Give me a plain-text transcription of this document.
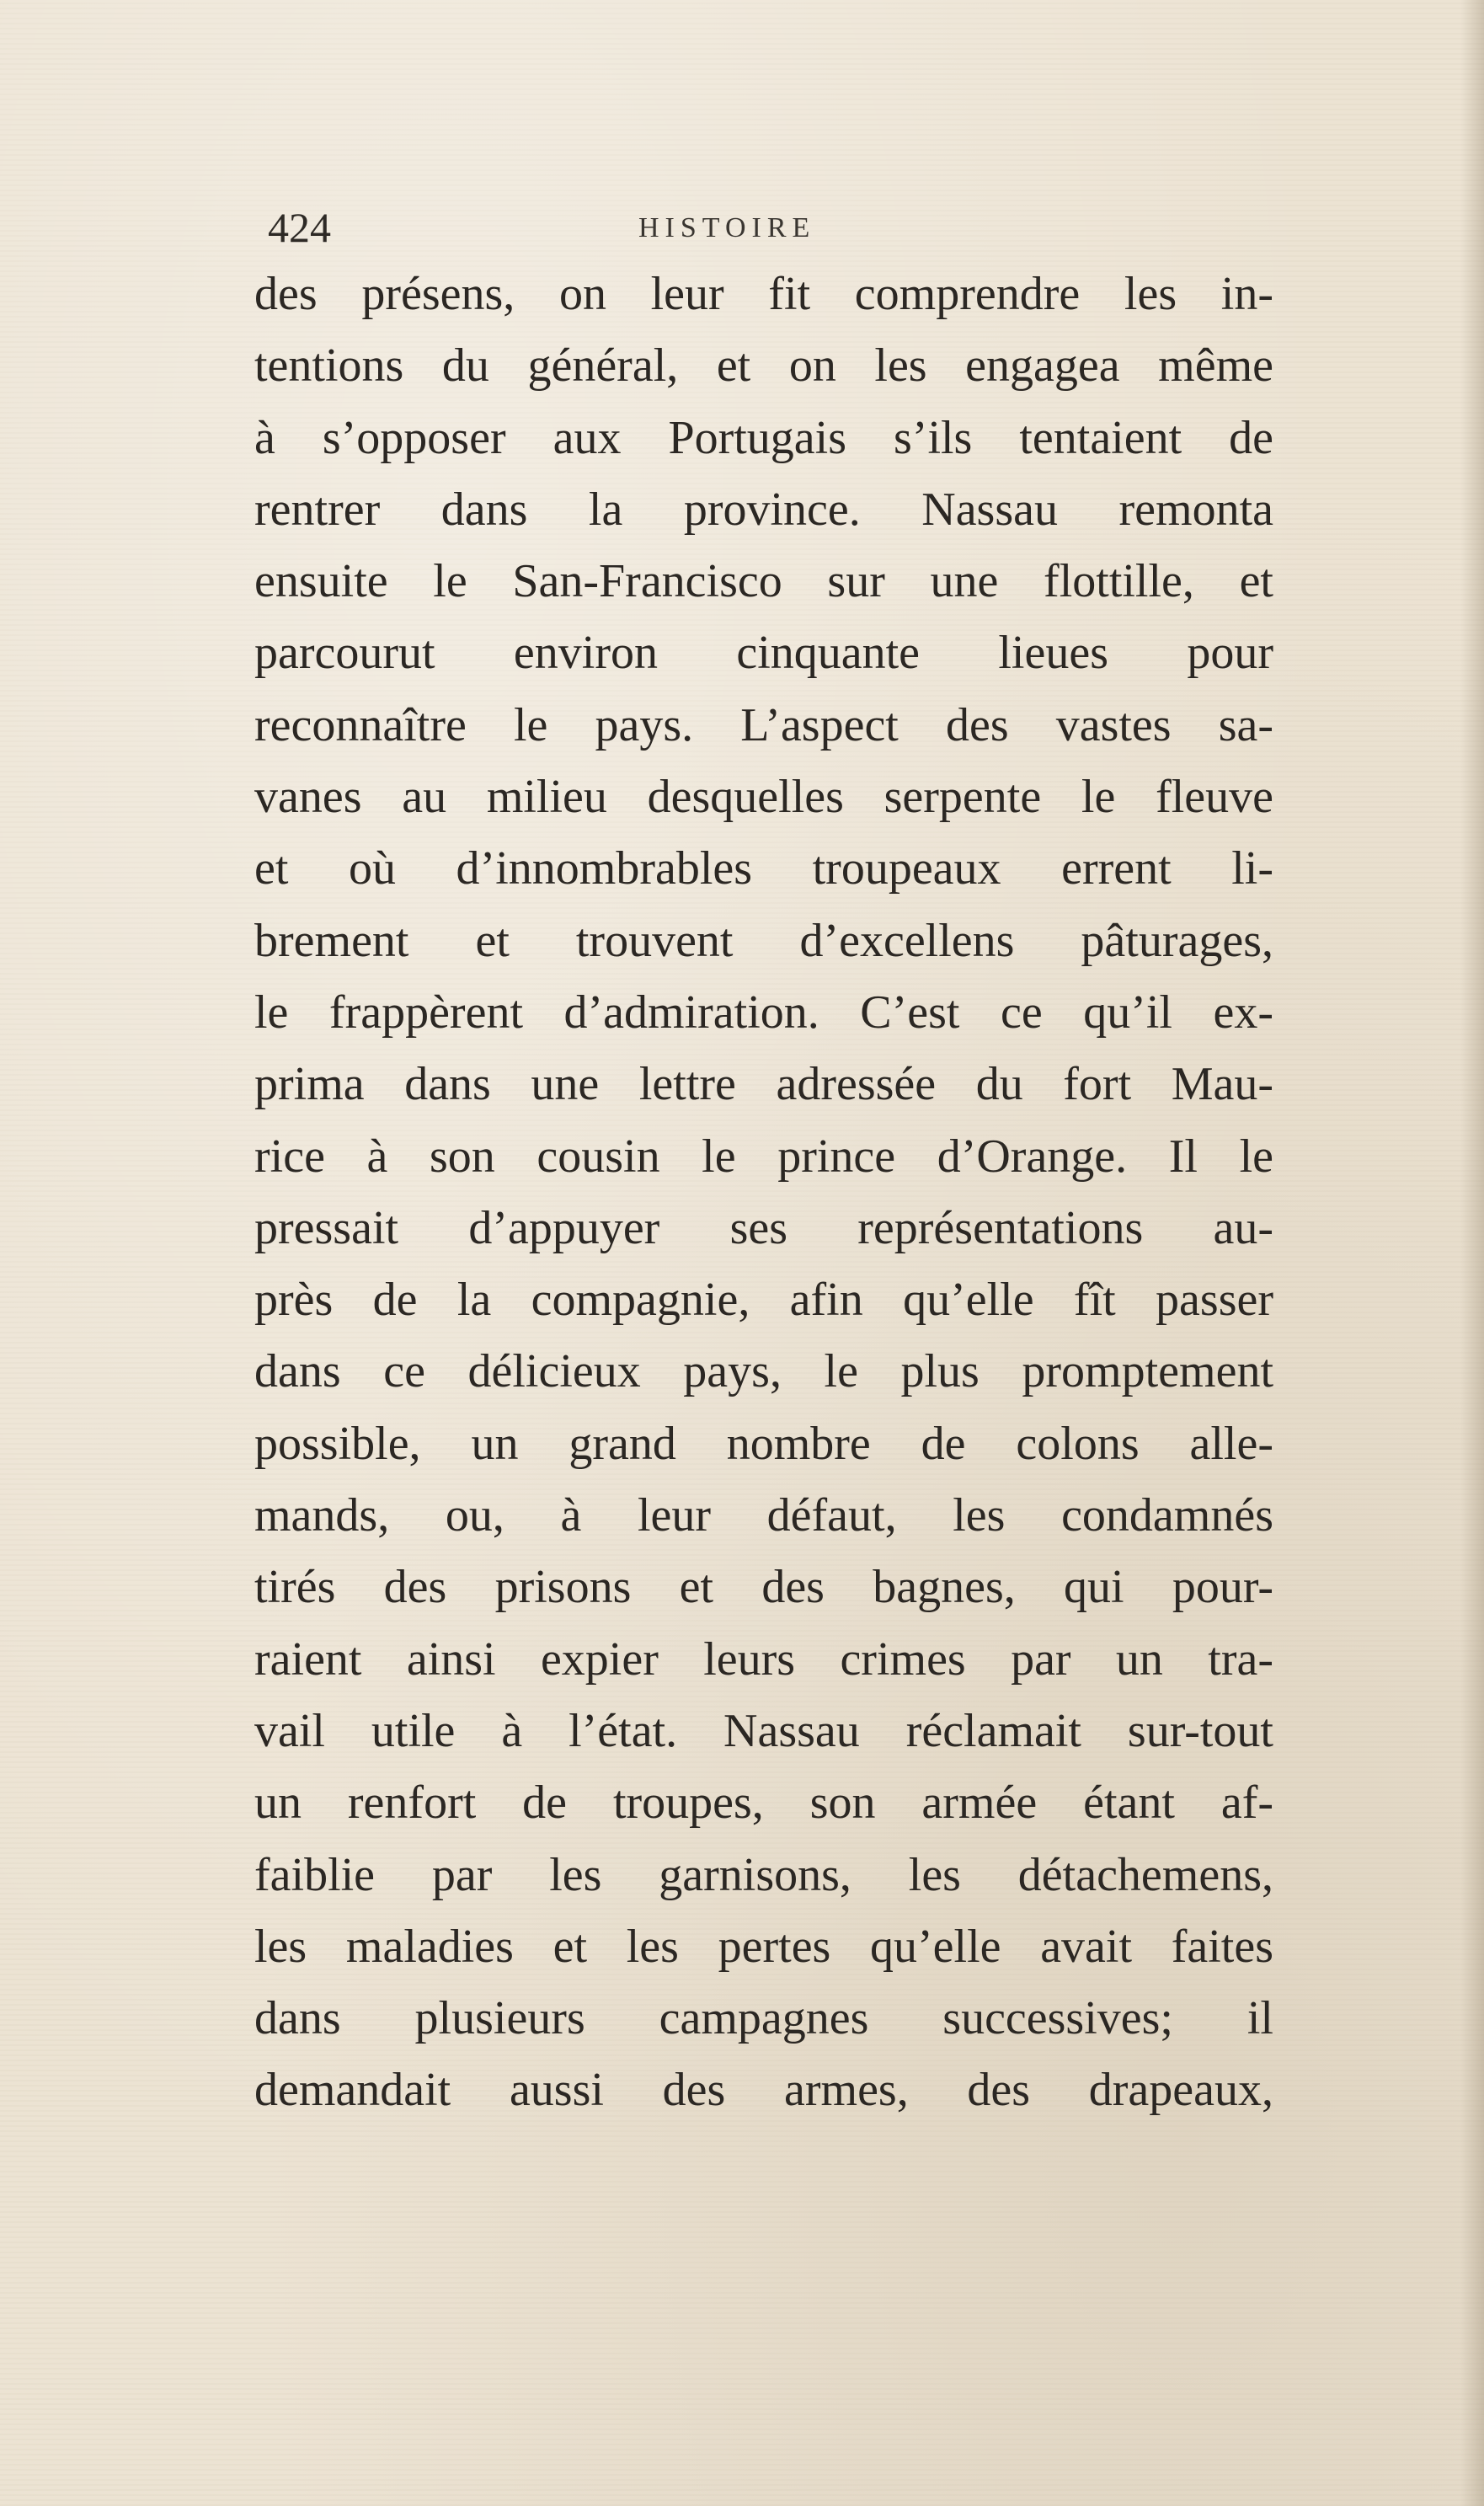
424	HISTOIRE
des présens, on leur fit comprendre les in-
tentions du général, et on les engagea même
à s’opposer aux Portugais s’ils tentaient de
rentrer dans la province. Nassau remonta
ensuite le San-Francisco sur une flottille, et
parcourut environ cinquante lieues pour
reconnaître le pays. L’aspect des vastes sa-
vanes au milieu desquelles serpente le fleuve
et où d’innombrables troupeaux errent li-
brement et trouvent d’excellens pâturages,
le frappèrent d’admiration. C’est ce qu’il ex-
prima dans une lettre adressée du fort Mau-
rice à son cousin le prince d’Orange. Il le
pressait d’appuyer ses représentations au-
près de la compagnie, afin qu’elle fît passer
dans ce délicieux pays, le plus promptement
possible, un grand nombre de colons alle-
mands, ou, à leur défaut, les condamnés
tirés des prisons et des bagnes, qui pour-
raient ainsi expier leurs crimes par un tra-
vail utile à l’état. Nassau réclamait sur-tout
un renfort de troupes, son armée étant af-
faiblie par les garnisons, les détachemens,
les maladies et les pertes qu’elle avait faites
dans plusieurs campagnes successives; il
demandait aussi des armes, des drapeaux,
